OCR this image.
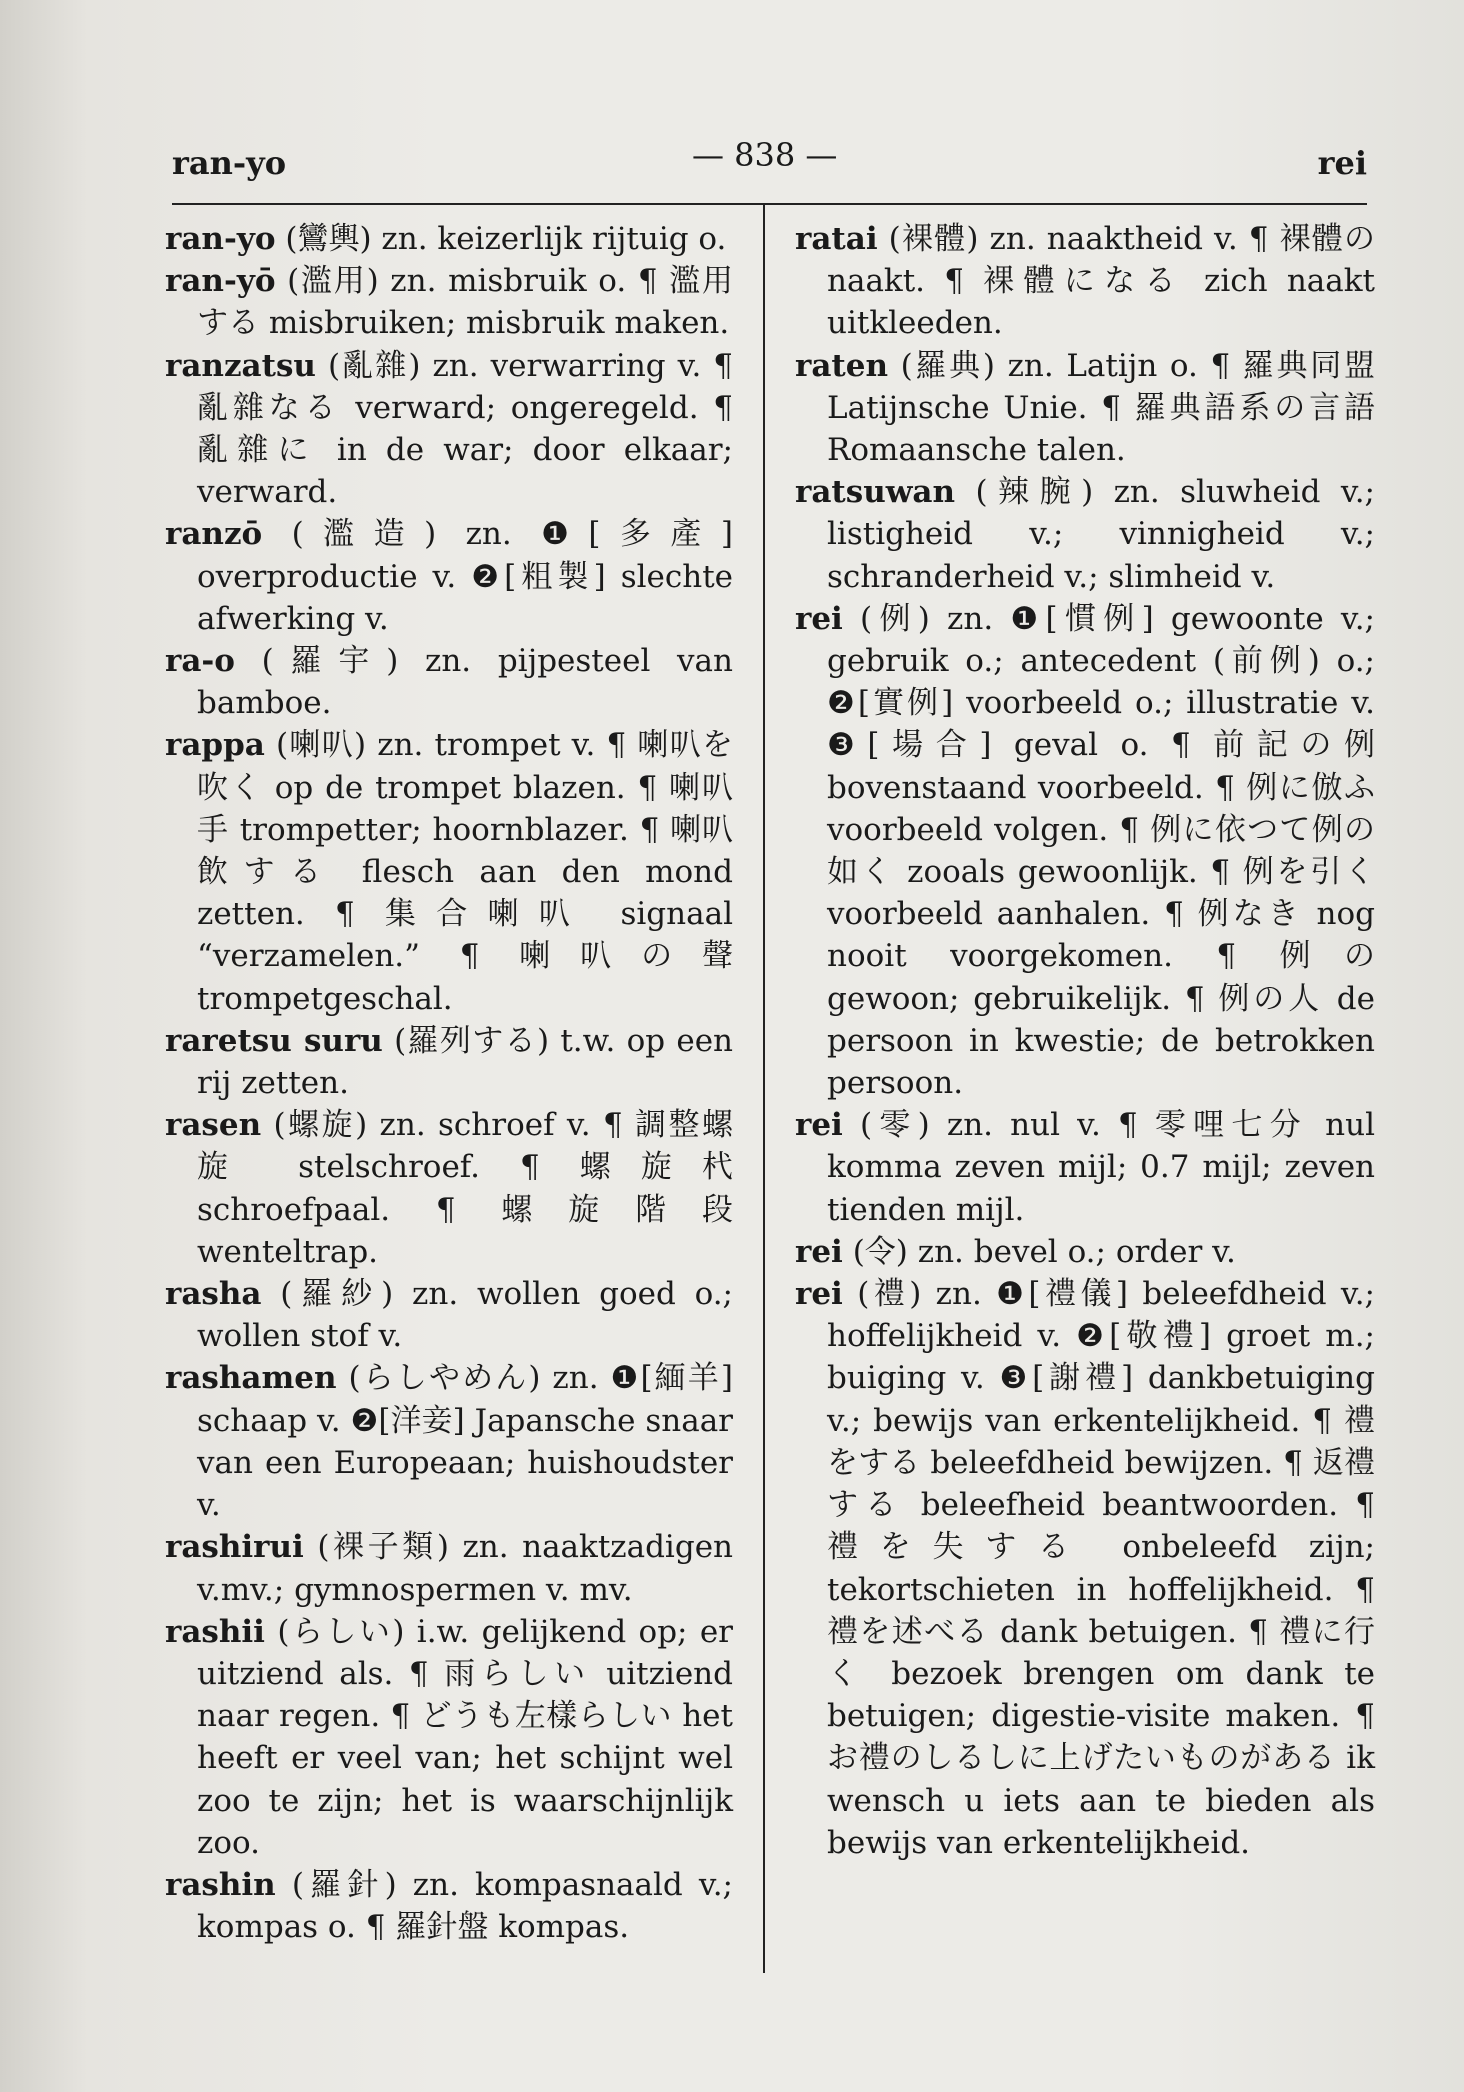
ran-yo	— 838 —	rei
ran-yo (鸞輿) zn. keizerlijk rijtuig o.
ran-yō (濫用) zn. misbruik o. ¶ 濫用する misbruiken; misbruik maken.
ranzatsu (亂雜) zn. verwarring v. ¶ 亂雜なる verward; ongeregeld. ¶ 亂雜に in de war; door elkaar; verward.
ranzō (濫造) zn. ❶[多產] overproductie v. ❷[粗製] slechte afwerking v.
ra-o (羅宇) zn. pijpesteel van bamboe.
rappa (喇叭) zn. trompet v. ¶ 喇叭を吹く op de trompet blazen. ¶ 喇叭手 trompetter; hoornblazer. ¶ 喇叭飲する flesch aan den mond zetten. ¶ 集合喇叭 signaal “verzamelen.” ¶ 喇叭の聲 trompetgeschal.
raretsu suru (羅列する) t.w. op een rij zetten.
rasen (螺旋) zn. schroef v. ¶ 調整螺旋 stelschroef. ¶ 螺旋杙 schroefpaal. ¶ 螺旋階段 wenteltrap.
rasha (羅紗) zn. wollen goed o.; wollen stof v.
rashamen (らしやめん) zn. ❶[緬羊] schaap v. ❷[洋妾] Japansche snaar van een Europeaan; huishoudster v.
rashirui (裸子類) zn. naaktzadigen v.mv.; gymnospermen v. mv.
rashii (らしい) i.w. gelijkend op; er uitziend als. ¶ 雨らしい uitziend naar regen. ¶ どうも左樣らしい het heeft er veel van; het schijnt wel zoo te zijn; het is waarschijnlijk zoo.
rashin (羅針) zn. kompasnaald v.; kompas o. ¶ 羅針盤 kompas.
ratai (裸體) zn. naaktheid v. ¶ 裸體の naakt. ¶ 裸體になる zich naakt uitkleeden.
raten (羅典) zn. Latijn o. ¶ 羅典同盟 Latijnsche Unie. ¶ 羅典語系の言語 Romaansche talen.
ratsuwan (辣腕) zn. sluwheid v.; listigheid v.; vinnigheid v.; schranderheid v.; slimheid v.
rei (例) zn. ❶[慣例] gewoonte v.; gebruik o.; antecedent (前例) o.; ❷[實例] voorbeeld o.; illustratie v. ❸[場合] geval o. ¶ 前記の例 bovenstaand voorbeeld. ¶ 例に倣ふ voorbeeld volgen. ¶ 例に依つて例の如く zooals gewoonlijk. ¶ 例を引く voorbeeld aanhalen. ¶ 例なき nog nooit voorgekomen. ¶ 例の gewoon; gebruikelijk. ¶ 例の人 de persoon in kwestie; de betrokken persoon.
rei (零) zn. nul v. ¶ 零哩七分 nul komma zeven mijl; 0.7 mijl; zeven tienden mijl.
rei (令) zn. bevel o.; order v.
rei (禮) zn. ❶[禮儀] beleefdheid v.; hoffelijkheid v. ❷[敬禮] groet m.; buiging v. ❸[謝禮] dankbetuiging v.; bewijs van erkentelijkheid. ¶ 禮をする beleefdheid bewijzen. ¶ 返禮する beleefheid beantwoorden. ¶ 禮を失する onbeleefd zijn; tekortschieten in hoffelijkheid. ¶ 禮を述べる dank betuigen. ¶ 禮に行く bezoek brengen om dank te betuigen; digestie-visite maken. ¶ お禮のしるしに上げたいものがある ik wensch u iets aan te bieden als bewijs van erkentelijkheid.
